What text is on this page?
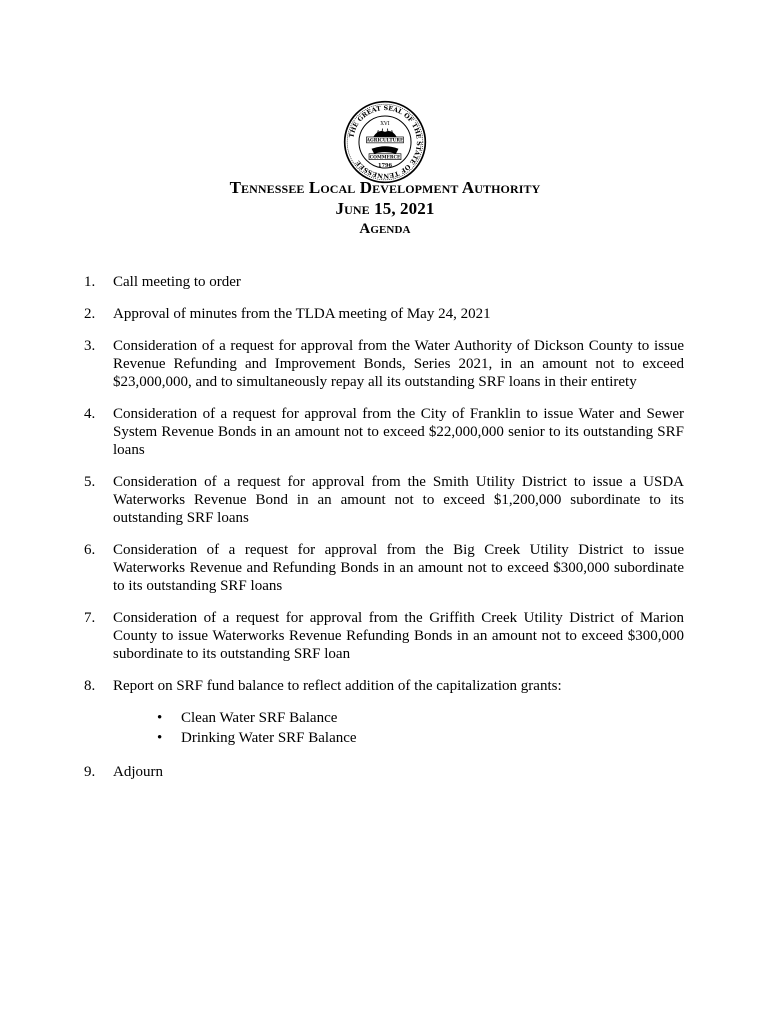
THE GREAT SEAL OF THE STATE OF TENNESSEE
XVI
AGRICULTURE
COMMERCE
1796
Tennessee Local Development Authority
June 15, 2021
Agenda
1.	Call meeting to order
2.	Approval of minutes from the TLDA meeting of May 24, 2021
3.	Consideration of a request for approval from the Water Authority of Dickson County to issue Revenue Refunding and Improvement Bonds, Series 2021, in an amount not to exceed $23,000,000, and to simultaneously repay all its outstanding SRF loans in their entirety
4.	Consideration of a request for approval from the City of Franklin to issue Water and Sewer System Revenue Bonds in an amount not to exceed $22,000,000 senior to its outstanding SRF loans
5.	Consideration of a request for approval from the Smith Utility District to issue a USDA Waterworks Revenue Bond in an amount not to exceed $1,200,000 subordinate to its outstanding SRF loans
6.	Consideration of a request for approval from the Big Creek Utility District to issue Waterworks Revenue and Refunding Bonds in an amount not to exceed $300,000 subordinate to its outstanding SRF loans
7.	Consideration of a request for approval from the Griffith Creek Utility District of Marion County to issue Waterworks Revenue Refunding Bonds in an amount not to exceed $300,000 subordinate to its outstanding SRF loan
8.	Report on SRF fund balance to reflect addition of the capitalization grants:
•	Clean Water SRF Balance
•	Drinking Water SRF Balance
9.	Adjourn
